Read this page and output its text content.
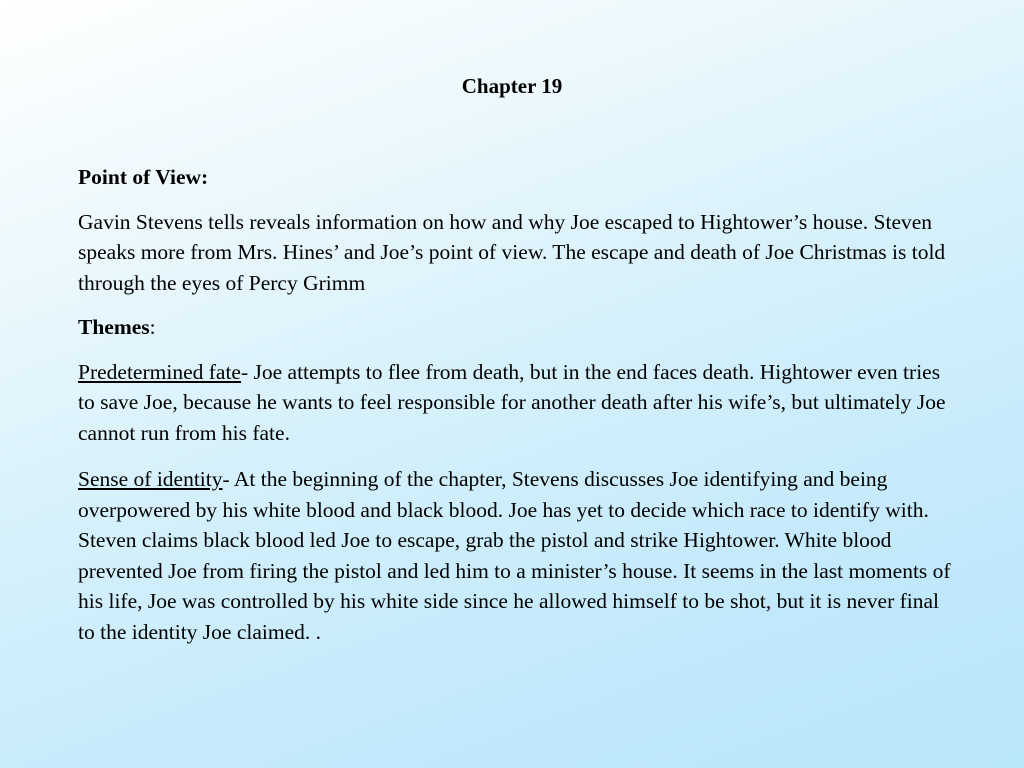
Chapter 19

Point of View:

Gavin Stevens tells reveals information on how and why Joe escaped to Hightower’s house. Steven speaks more from Mrs. Hines’ and Joe’s point of view. The escape and death of Joe Christmas is told through the eyes of Percy Grimm

Themes:

Predetermined fate- Joe attempts to flee from death, but in the end faces death. Hightower even tries to save Joe, because he wants to feel responsible for another death after his wife’s, but ultimately Joe cannot run from his fate.

Sense of identity- At the beginning of the chapter, Stevens discusses Joe identifying and being overpowered by his white blood and black blood. Joe has yet to decide which race to identify with. Steven claims black blood led Joe to escape, grab the pistol and strike Hightower. White blood prevented Joe from firing the pistol and led him to a minister’s house. It seems in the last moments of his life, Joe was controlled by his white side since he allowed himself to be shot, but it is never final to the identity Joe claimed. .
